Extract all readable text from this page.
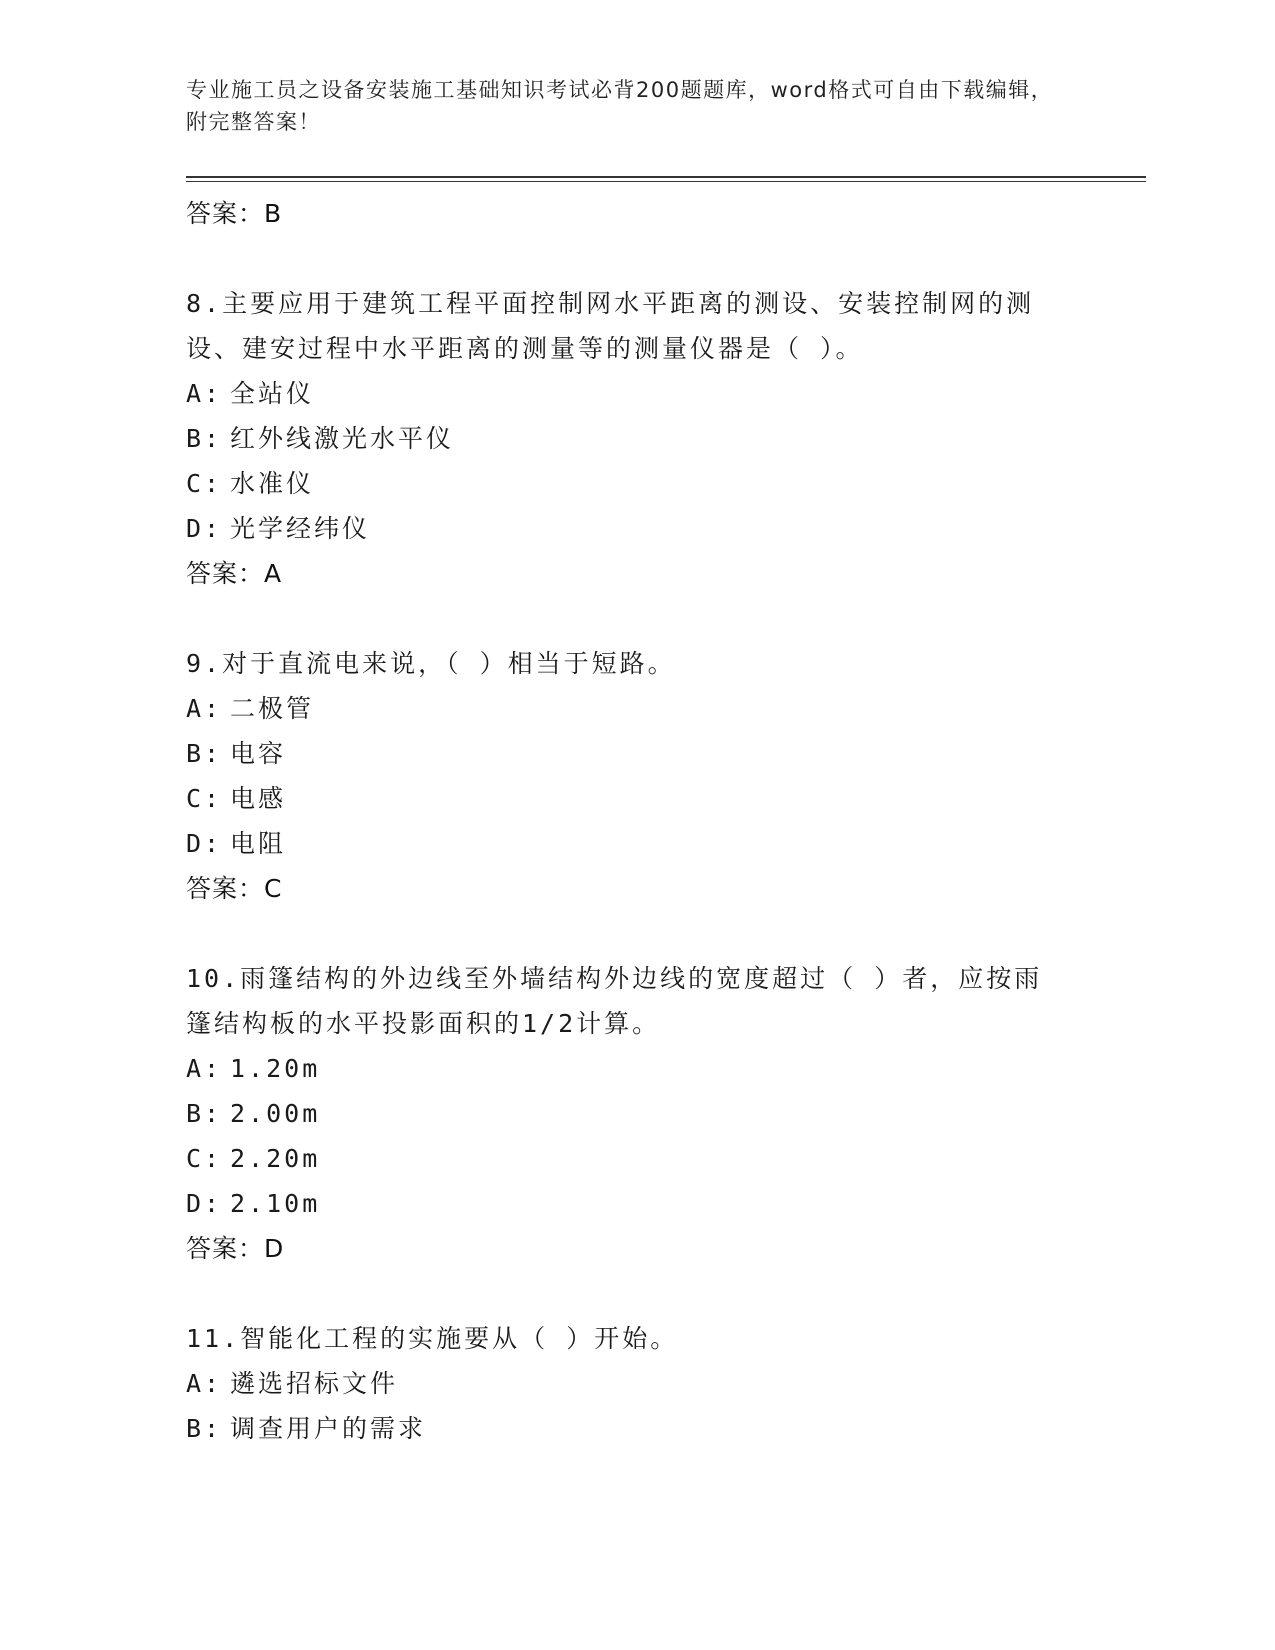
专业施工员之设备安装施工基础知识考试必背200题题库，word格式可自由下载编辑，附完整答案！
答案：B
8.主要应用于建筑工程平面控制网水平距离的测设、安装控制网的测设、建安过程中水平距离的测量等的测量仪器是（ ）。
A: 全站仪
B: 红外线激光水平仪
C: 水准仪
D: 光学经纬仪
答案：A
9.对于直流电来说，（ ）相当于短路。
A: 二极管
B: 电容
C: 电感
D: 电阻
答案：C
10.雨篷结构的外边线至外墙结构外边线的宽度超过（ ）者，应按雨篷结构板的水平投影面积的1/2计算。
A: 1.20m
B: 2.00m
C: 2.20m
D: 2.10m
答案：D
11.智能化工程的实施要从（ ）开始。
A: 遴选招标文件
B: 调查用户的需求
